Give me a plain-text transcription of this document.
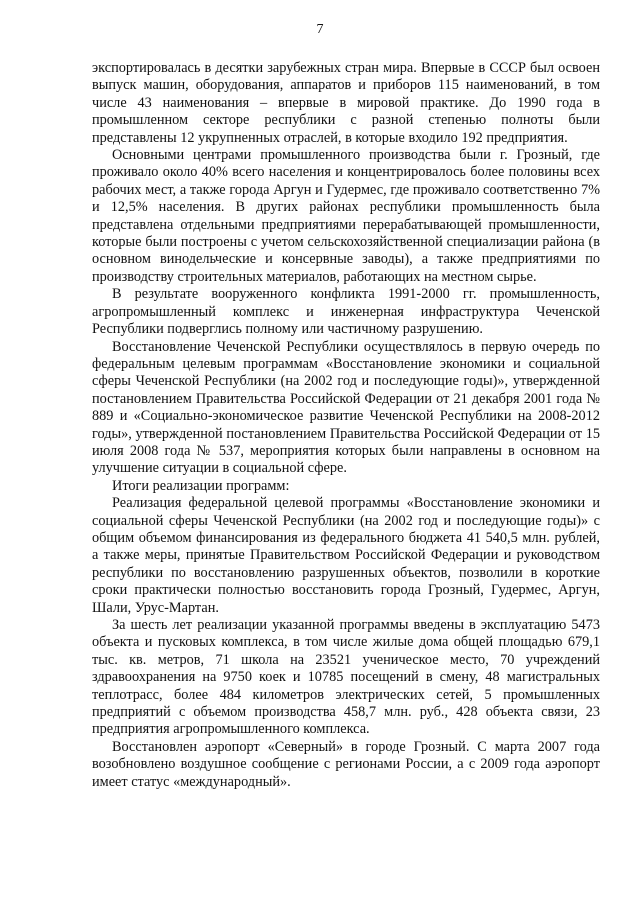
7

экспортировалась в десятки зарубежных стран мира. Впервые в СССР был освоен выпуск машин, оборудования, аппаратов и приборов 115 наименований, в том числе 43 наименования – впервые в мировой практике. До 1990 года в промышленном секторе республики с разной степенью полноты были представлены 12 укрупненных отраслей, в которые входило 192 предприятия.

Основными центрами промышленного производства были г. Грозный, где проживало около 40% всего населения и концентрировалось более половины всех рабочих мест, а также города Аргун и Гудермес, где проживало соответственно 7% и 12,5% населения. В других районах республики промышленность была представлена отдельными предприятиями перерабатывающей промышленности, которые были построены с учетом сельскохозяйственной специализации района (в основном винодельческие и консервные заводы), а также предприятиями по производству строительных материалов, работающих на местном сырье.

В результате вооруженного конфликта 1991-2000 гг. промышленность, агропромышленный комплекс и инженерная инфраструктура Чеченской Республики подверглись полному или частичному разрушению.

Восстановление Чеченской Республики осуществлялось в первую очередь по федеральным целевым программам «Восстановление экономики и социальной сферы Чеченской Республики (на 2002 год и последующие годы)», утвержденной постановлением Правительства Российской Федерации от 21 декабря 2001 года № 889 и «Социально-экономическое развитие Чеченской Республики на 2008-2012 годы», утвержденной постановлением Правительства Российской Федерации от 15 июля 2008 года № 537, мероприятия которых были направлены в основном на улучшение ситуации в социальной сфере.

Итоги реализации программ:

Реализация федеральной целевой программы «Восстановление экономики и социальной сферы Чеченской Республики (на 2002 год и последующие годы)» с общим объемом финансирования из федерального бюджета 41 540,5 млн. рублей, а также меры, принятые Правительством Российской Федерации и руководством республики по восстановлению разрушенных объектов, позволили в короткие сроки практически полностью восстановить города Грозный, Гудермес, Аргун, Шали, Урус-Мартан.

За шесть лет реализации указанной программы введены в эксплуатацию 5473 объекта и пусковых комплекса, в том числе жилые дома общей площадью 679,1 тыс. кв. метров, 71 школа на 23521 ученическое место, 70 учреждений здравоохранения на 9750 коек и 10785 посещений в смену, 48 магистральных теплотрасс, более 484 километров электрических сетей, 5 промышленных предприятий с объемом производства 458,7 млн. руб., 428 объекта связи, 23 предприятия агропромышленного комплекса.

Восстановлен аэропорт «Северный» в городе Грозный. С марта 2007 года возобновлено воздушное сообщение с регионами России, а с 2009 года аэропорт имеет статус «международный».
